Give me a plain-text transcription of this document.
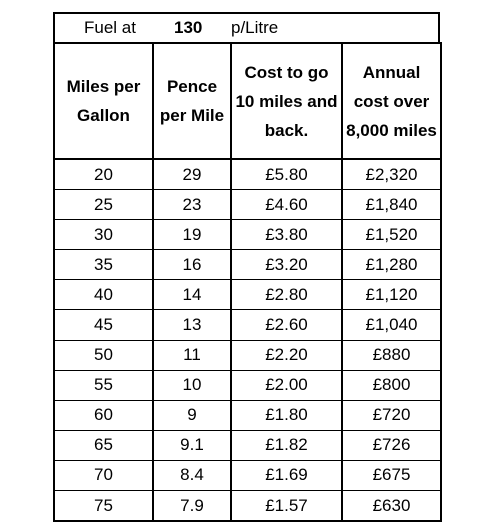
Fuel at 130 p/Litre
Miles per Gallon	Pence per Mile	Cost to go 10 miles and back.	Annual cost over 8,000 miles
20	29	£5.80	£2,320
25	23	£4.60	£1,840
30	19	£3.80	£1,520
35	16	£3.20	£1,280
40	14	£2.80	£1,120
45	13	£2.60	£1,040
50	11	£2.20	£880
55	10	£2.00	£800
60	9	£1.80	£720
65	9.1	£1.82	£726
70	8.4	£1.69	£675
75	7.9	£1.57	£630
